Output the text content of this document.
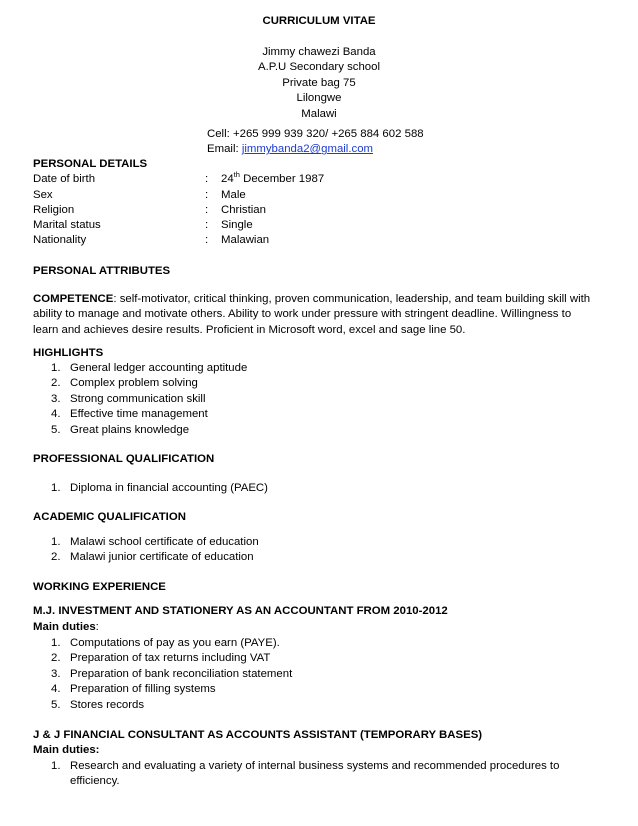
CURRICULUM VITAE
Jimmy chawezi Banda
A.P.U Secondary school
Private bag 75
Lilongwe
Malawi
Cell: +265 999 939 320/ +265 884 602 588
Email: jimmybanda2@gmail.com
PERSONAL DETAILS
Date of birth	: 24th December 1987
Sex	: Male
Religion	: Christian
Marital status	: Single
Nationality	: Malawian
PERSONAL ATTRIBUTES
COMPETENCE: self-motivator, critical thinking, proven communication, leadership, and team building skill with ability to manage and motivate others. Ability to work under pressure with stringent deadline. Willingness to learn and achieves desire results. Proficient in Microsoft word, excel and sage line 50.
HIGHLIGHTS
1. General ledger accounting aptitude
2. Complex problem solving
3. Strong communication skill
4. Effective time management
5. Great plains knowledge
PROFESSIONAL QUALIFICATION
1. Diploma in financial accounting (PAEC)
ACADEMIC QUALIFICATION
1. Malawi school certificate of education
2. Malawi junior certificate of education
WORKING EXPERIENCE
M.J. INVESTMENT AND STATIONERY AS AN ACCOUNTANT FROM 2010-2012
Main duties:
1. Computations of pay as you earn (PAYE).
2. Preparation of tax returns including VAT
3. Preparation of bank reconciliation statement
4. Preparation of filling systems
5. Stores records
J & J FINANCIAL CONSULTANT AS ACCOUNTS ASSISTANT (TEMPORARY BASES)
Main duties:
1. Research and evaluating a variety of internal business systems and recommended procedures to efficiency.
